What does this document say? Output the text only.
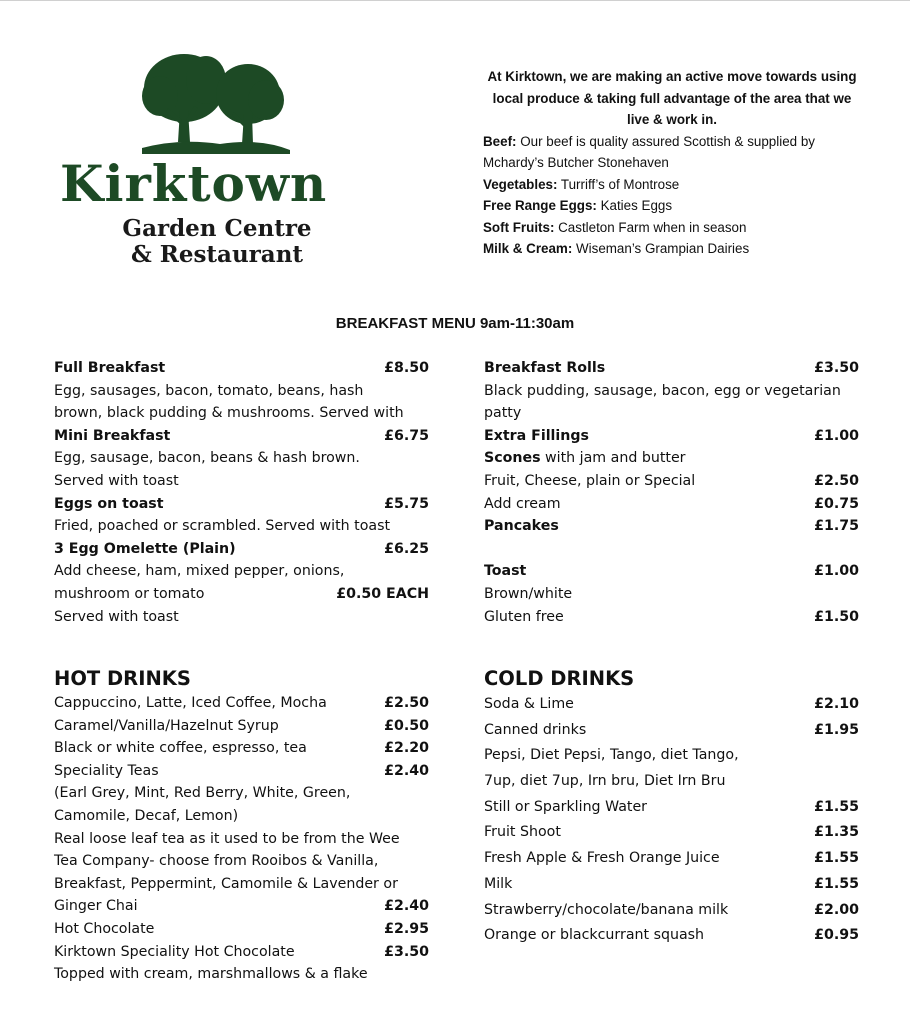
Kirktown
Garden Centre
& Restaurant

At Kirktown, we are making an active move towards using

local produce & taking full advantage of the area that we

live & work in.

Beef: Our beef is quality assured Scottish & supplied by

Mchardy’s Butcher Stonehaven

Vegetables: Turriff’s of Montrose

Free Range Eggs: Katies Eggs

Soft Fruits: Castleton Farm when in season

Milk & Cream: Wiseman’s Grampian Dairies

BREAKFAST MENU 9am-11:30am
Full Breakfast	£8.50
Egg, sausages, bacon, tomato, beans, hash
brown, black pudding & mushrooms. Served with
Mini Breakfast	£6.75
Egg, sausage, bacon, beans & hash brown.
Served with toast
Eggs on toast	£5.75
Fried, poached or scrambled. Served with toast
3 Egg Omelette (Plain)	£6.25
Add cheese, ham, mixed pepper, onions,
mushroom or tomato	£0.50 EACH
Served with toast
Breakfast Rolls	£3.50
Black pudding, sausage, bacon, egg or vegetarian
patty
Extra Fillings	£1.00
Scones with jam and butter
Fruit, Cheese, plain or Special	£2.50
Add cream	£0.75
Pancakes	£1.75
Toast	£1.00
Brown/white
Gluten free	£1.50
HOT DRINKS
Cappuccino, Latte, Iced Coffee, Mocha	£2.50
Caramel/Vanilla/Hazelnut Syrup	£0.50
Black or white coffee, espresso, tea	£2.20
Speciality Teas	£2.40
(Earl Grey, Mint, Red Berry, White, Green,
Camomile, Decaf, Lemon)
Real loose leaf tea as it used to be from the Wee
Tea Company- choose from Rooibos & Vanilla,
Breakfast, Peppermint, Camomile & Lavender or
Ginger Chai	£2.40
Hot Chocolate	£2.95
Kirktown Speciality Hot Chocolate	£3.50
Topped with cream, marshmallows & a flake
COLD DRINKS
Soda & Lime	£2.10
Canned drinks	£1.95
Pepsi, Diet Pepsi, Tango, diet Tango,
7up, diet 7up, Irn bru, Diet Irn Bru
Still or Sparkling Water	£1.55
Fruit Shoot	£1.35
Fresh Apple & Fresh Orange Juice	£1.55
Milk	£1.55
Strawberry/chocolate/banana milk	£2.00
Orange or blackcurrant squash	£0.95
